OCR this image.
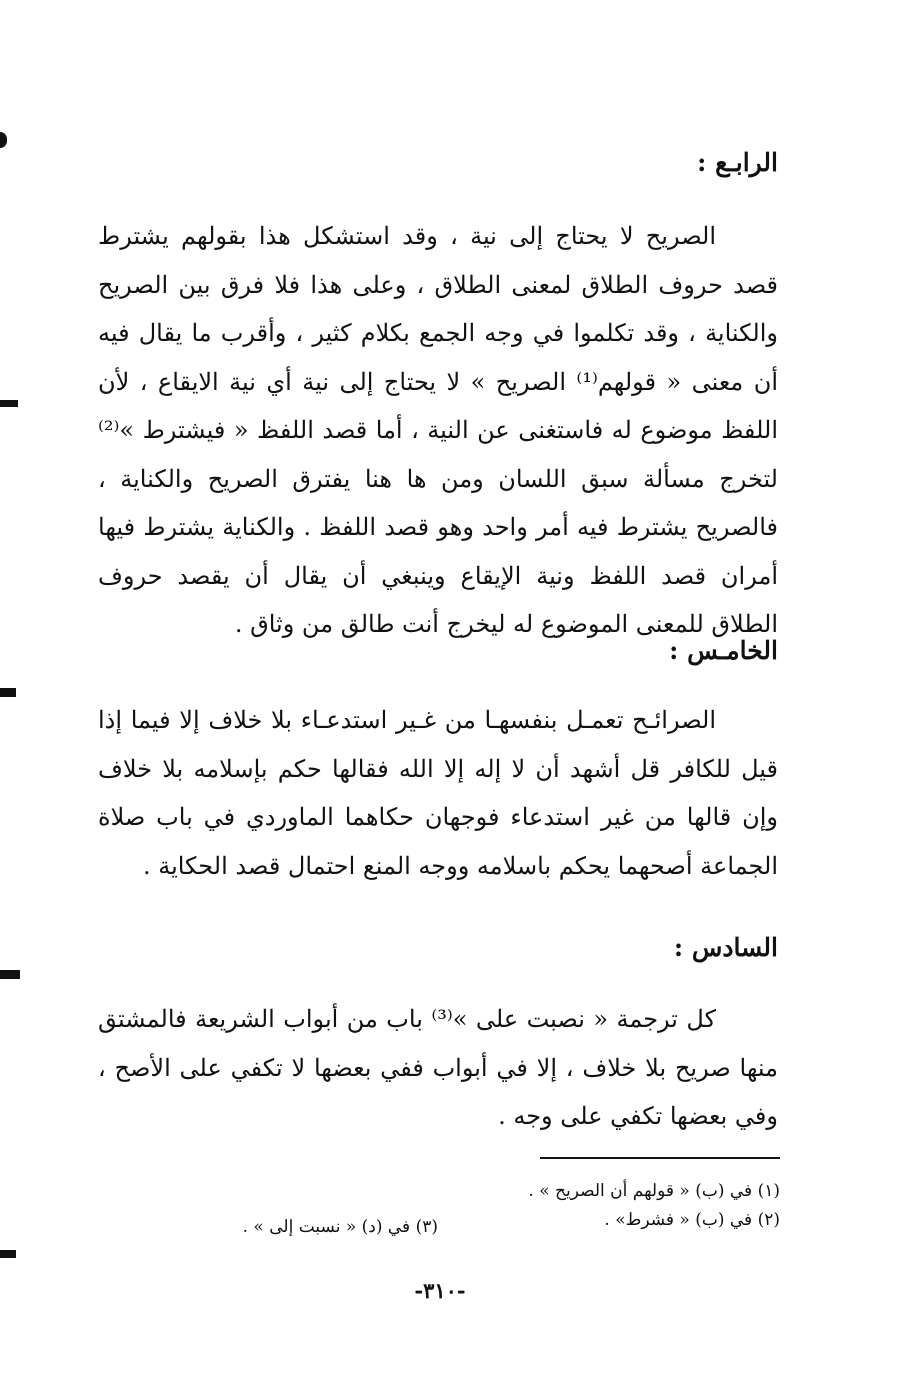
الرابـع :
الصريح لا يحتاج إلى نية ، وقد استشكل هذا بقولهم يشترط قصد حروف الطلاق لمعنى الطلاق ، وعلى هذا فلا فرق بين الصريح والكناية ، وقد تكلموا في وجه الجمع بكلام كثير ، وأقرب ما يقال فيه أن معنى « قولهم⁽¹⁾ الصريح » لا يحتاج إلى نية أي نية الايقاع ، لأن اللفظ موضوع له فاستغنى عن النية ، أما قصد اللفظ « فيشترط »⁽²⁾ لتخرج مسألة سبق اللسان ومن ها هنا يفترق الصريح والكناية ، فالصريح يشترط فيه أمر واحد وهو قصد اللفظ . والكناية يشترط فيها أمران قصد اللفظ ونية الإيقاع وينبغي أن يقال أن يقصد حروف الطلاق للمعنى الموضوع له ليخرج أنت طالق من وثاق .
الخامـس :
الصرائـح تعمـل بنفسهـا من غـير استدعـاء بلا خلاف إلا فيما إذا قيل للكافر قل أشهد أن لا إله إلا الله فقالها حكم بإسلامه بلا خلاف وإن قالها من غير استدعاء فوجهان حكاهما الماوردي في باب صلاة الجماعة أصحهما يحكم باسلامه ووجه المنع احتمال قصد الحكاية .
السادس :
كل ترجمة « نصبت على »⁽³⁾ باب من أبواب الشريعة فالمشتق منها صريح بلا خلاف ، إلا في أبواب ففي بعضها لا تكفي على الأصح ، وفي بعضها تكفي على وجه .
(١) في (ب) « قولهم أن الصريح » .
(٢) في (ب) « فشرط» .
(٣) في (د) « نسبت إلى » .
-٣١٠-
